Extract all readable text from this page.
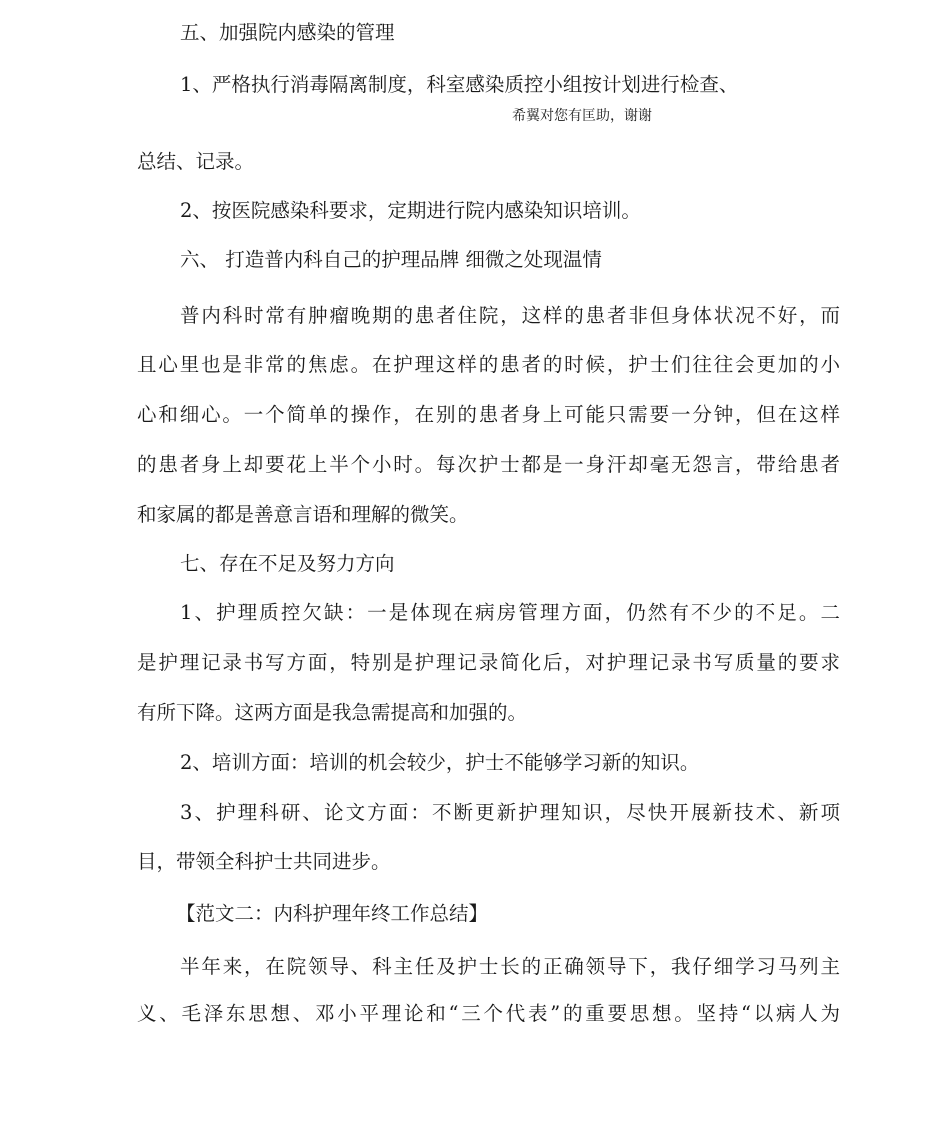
五、加强院内感染的管理

1、严格执行消毒隔离制度，科室感染质控小组按计划进行检查、

希翼对您有匡助，谢谢

总结、记录。

2、按医院感染科要求，定期进行院内感染知识培训。

六、 打造普内科自己的护理品牌 细微之处现温情

普内科时常有肿瘤晚期的患者住院，这样的患者非但身体状况不好，而

且心里也是非常的焦虑。在护理这样的患者的时候，护士们往往会更加的小

心和细心。一个简单的操作，在别的患者身上可能只需要一分钟，但在这样

的患者身上却要花上半个小时。每次护士都是一身汗却毫无怨言，带给患者

和家属的都是善意言语和理解的微笑。

七、存在不足及努力方向

1、护理质控欠缺：一是体现在病房管理方面，仍然有不少的不足。二

是护理记录书写方面，特别是护理记录简化后，对护理记录书写质量的要求

有所下降。这两方面是我急需提高和加强的。

2、培训方面：培训的机会较少，护士不能够学习新的知识。

3、护理科研、论文方面：不断更新护理知识，尽快开展新技术、新项

目，带领全科护士共同进步。

【范文二：内科护理年终工作总结】

半年来，在院领导、科主任及护士长的正确领导下，我仔细学习马列主

义、毛泽东思想、邓小平理论和“三个代表”的重要思想。坚持“以病人为
